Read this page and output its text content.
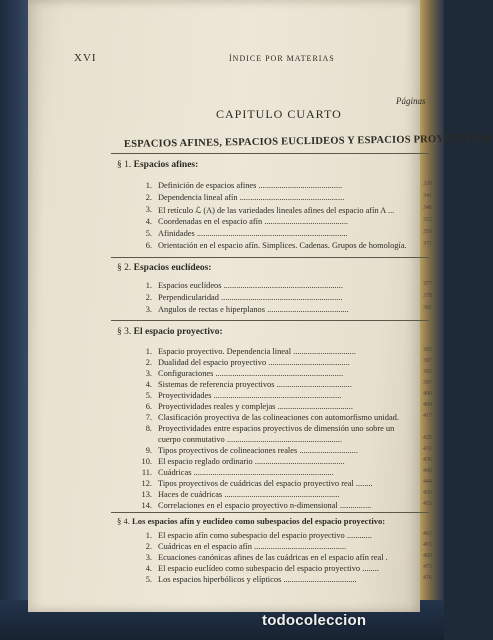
XVI	ÍNDICE POR MATERIAS
Páginas
CAPITULO CUARTO
ESPACIOS AFINES, ESPACIOS EUCLIDEOS Y ESPACIOS PROYECTIVOS
§ 1. Espacios afines:
1. Definición de espacios afines ........................................	339
2. Dependencia lineal afín ..................................................	341
3. El retículo ℒ (A) de las variedades lineales afines del espacio afín A ...	346
4. Coordenadas en el espacio afín ........................................	352
5. Afinidades ........................................................................	359
6. Orientación en el espacio afín. Simplices. Cadenas. Grupos de homología.	371
§ 2. Espacios euclídeos:
1. Espacios euclídeos .........................................................	377
2. Perpendicularidad ..........................................................	378
3. Angulos de rectas e hiperplanos .......................................	381
§ 3. El espacio proyectivo:
1. Espacio proyectivo. Dependencia lineal ..............................	385
2. Dualidad del espacio proyectivo .......................................	387
3. Configuraciones .............................................................	392
4. Sistemas de referencia proyectivos ....................................	397
5. Proyectividades .............................................................	400
6. Proyectividades reales y complejas ....................................	408
7. Clasificación proyectiva de las colineaciones con automorfismo unidad.	417
8. Proyectividades entre espacios proyectivos de dimensión uno sobre un
cuerpo conmutativo .......................................................	425
9. Tipos proyectivos de colineaciones reales ............................	431
10. El espacio reglado ordinario ...........................................	436
11. Cuádricas ...................................................................	440
12. Tipos proyectivos de cuádricas del espacio proyectivo real ........	444
13. Haces de cuádricas .......................................................	450
14. Correlaciones en el espacio proyectivo n-dimensional ...............	455
§ 4. Los espacios afín y euclídeo como subespacios del espacio proyectivo:
1. El espacio afín como subespacio del espacio proyectivo ............	462
2. Cuádricas en el espacio afín ............................................	465
3. Ecuaciones canónicas afines de las cuádricas en el espacio afín real .	469
4. El espacio euclídeo como subespacio del espacio proyectivo ........	473
5. Los espacios hiperbólicos y elípticos ...................................	476
todocoleccion
